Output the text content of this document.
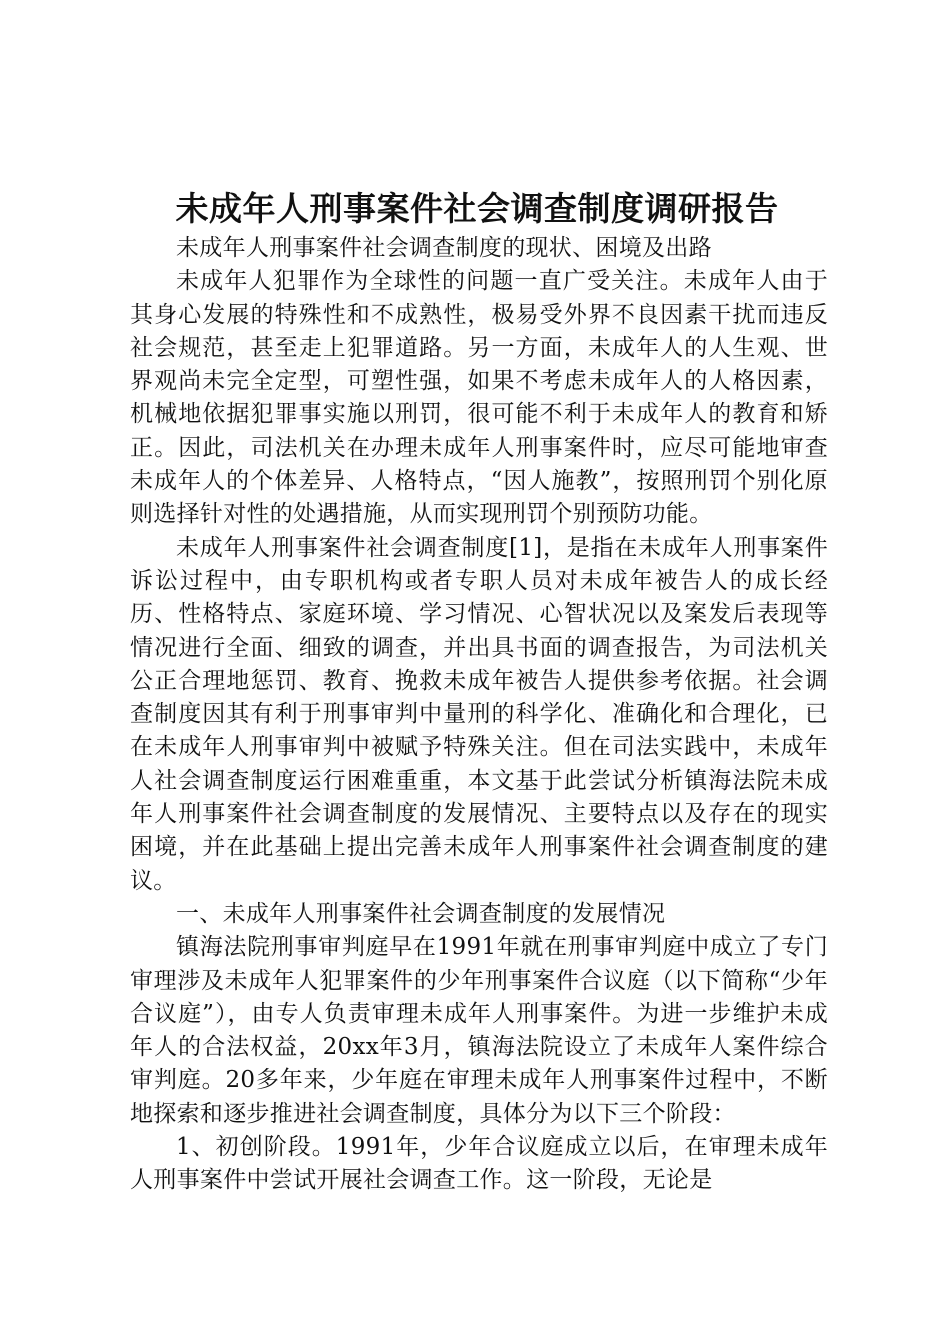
未成年人刑事案件社会调查制度调研报告

未成年人刑事案件社会调查制度的现状、困境及出路

未成年人犯罪作为全球性的问题一直广受关注。未成年人由于其身心发展的特殊性和不成熟性，极易受外界不良因素干扰而违反社会规范，甚至走上犯罪道路。另一方面，未成年人的人生观、世界观尚未完全定型，可塑性强，如果不考虑未成年人的人格因素，机械地依据犯罪事实施以刑罚，很可能不利于未成年人的教育和矫正。因此，司法机关在办理未成年人刑事案件时，应尽可能地审查未成年人的个体差异、人格特点，“因人施教”，按照刑罚个别化原则选择针对性的处遇措施，从而实现刑罚个别预防功能。

未成年人刑事案件社会调查制度[1]，是指在未成年人刑事案件诉讼过程中，由专职机构或者专职人员对未成年被告人的成长经历、性格特点、家庭环境、学习情况、心智状况以及案发后表现等情况进行全面、细致的调查，并出具书面的调查报告，为司法机关公正合理地惩罚、教育、挽救未成年被告人提供参考依据。社会调查制度因其有利于刑事审判中量刑的科学化、准确化和合理化，已在未成年人刑事审判中被赋予特殊关注。但在司法实践中，未成年人社会调查制度运行困难重重，本文基于此尝试分析镇海法院未成年人刑事案件社会调查制度的发展情况、主要特点以及存在的现实困境，并在此基础上提出完善未成年人刑事案件社会调查制度的建议。

一、未成年人刑事案件社会调查制度的发展情况

镇海法院刑事审判庭早在1991年就在刑事审判庭中成立了专门审理涉及未成年人犯罪案件的少年刑事案件合议庭（以下简称“少年合议庭”），由专人负责审理未成年人刑事案件。为进一步维护未成年人的合法权益，20xx年3月，镇海法院设立了未成年人案件综合审判庭。20多年来，少年庭在审理未成年人刑事案件过程中，不断地探索和逐步推进社会调查制度，具体分为以下三个阶段：

1、初创阶段。1991年，少年合议庭成立以后，在审理未成年人刑事案件中尝试开展社会调查工作。这一阶段，无论是
